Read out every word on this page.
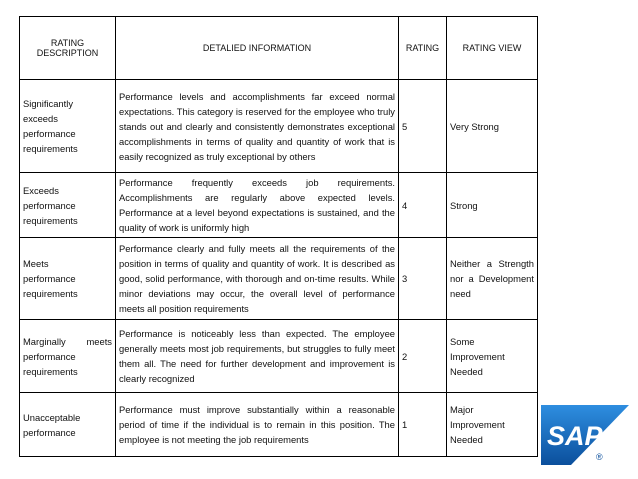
RATING DESCRIPTION	DETALIED INFORMATION	RATING	RATING VIEW
Significantly exceeds performance requirements	Performance levels and accomplishments far exceed normal expectations. This category is reserved for the employee who truly stands out and clearly and consistently demonstrates exceptional accomplishments in terms of quality and quantity of work that is easily recognized as truly exceptional by others	5	Very Strong
Exceeds performance requirements	Performance frequently exceeds job requirements. Accomplishments are regularly above expected levels. Performance at a level beyond expectations is sustained, and the quality of work is uniformly high	4	Strong
Meets performance requirements	Performance clearly and fully meets all the requirements of the position in terms of quality and quantity of work. It is described as good, solid performance, with thorough and on-time results. While minor deviations may occur, the overall level of performance meets all position requirements	3	Neither a Strength nor a Development need
Marginally meets performance requirements	Performance is noticeably less than expected. The employee generally meets most job requirements, but struggles to fully meet them all. The need for further development and improvement is clearly recognized	2	Some Improvement Needed
Unacceptable performance	Performance must improve substantially within a reasonable period of time if the individual is to remain in this position. The employee is not meeting the job requirements	1	Major Improvement Needed SAP
®
